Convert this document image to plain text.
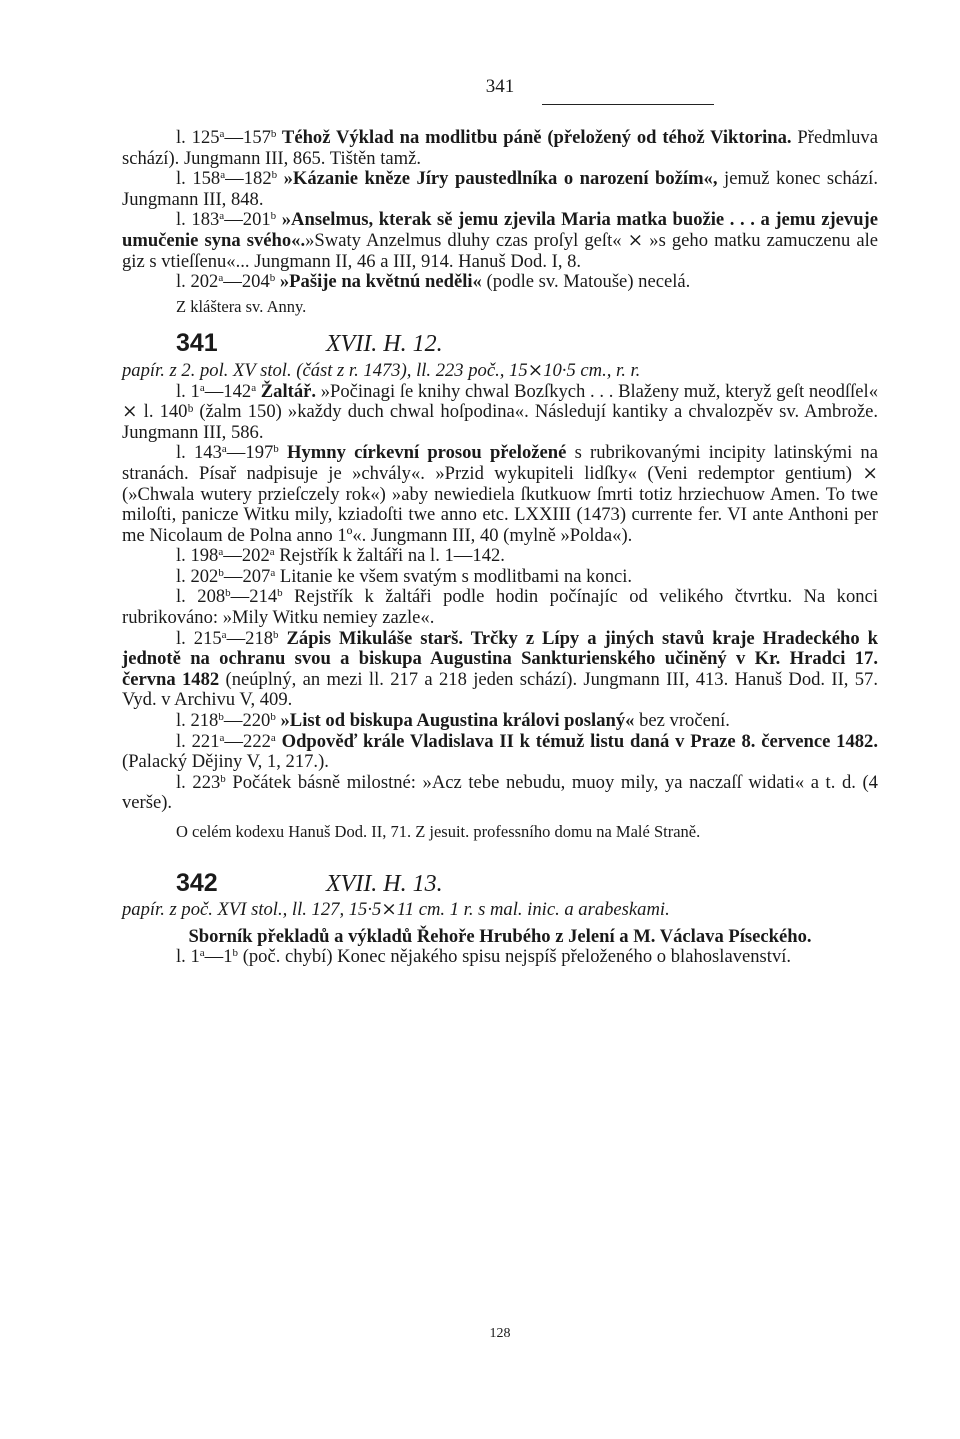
341

l. 125$^a$—157$^b$ Téhož Výklad na modlitbu páně (přeložený od téhož Viktorina. Předmluva schází). Jungmann III, 865. Tištěn tamž.

l. 158$^a$—182$^b$ »Kázanie kněze Jíry paustedlníka o narození božím«, jemuž konec schází. Jungmann III, 848.

l. 183$^a$—201$^b$ »Anselmus, kterak sě jemu zjevila Maria matka buožie . . . a jemu zjevuje umučenie syna svého«.»Swaty Anzelmus dluhy czas proſyl geſt« ⨯ »s geho matku zamuczenu ale giz s vtieſſenu«... Jungmann II, 46 a III, 914. Hanuš Dod. I, 8.

l. 202$^a$—204$^b$ »Pašije na květnú neděli« (podle sv. Matouše) necelá.

Z kláštera sv. Anny.

341	XVII. H. 12.

papír. z 2. pol. XV stol. (část z r. 1473), ll. 223 poč., 15⨯10·5 cm., r. r.

l. 1$^a$—142$^a$ Žaltář. »Počinagi ſe knihy chwal Bozſkych . . . Blaženy muž, kteryž geſt neodſſel« ⨯ l. 140ᵇ (žalm 150) »každy duch chwal hoſpodina«. Následují kantiky a chvalozpěv sv. Ambrože. Jungmann III, 586.

l. 143$^a$—197$^b$ Hymny církevní prosou přeložené s rubrikovanými incipity latinskými na stranách. Písař nadpisuje je »chvály«. »Przid wykupiteli lidſky« (Veni redemptor gentium) ⨯ (»Chwala wutery przieſczely rok«) »aby newiediela ſkutkuow ſmrti totiz hrziechuow Amen. To twe miloſti, panicze Witku mily, kziadoſti twe anno etc. LXXIII (1473) currente fer. VI ante Anthoni per me Nicolaum de Polna anno 1º«. Jungmann III, 40 (mylně »Polda«).

l. 198$^a$—202$^a$ Rejstřík k žaltáři na l. 1—142.

l. 202$^b$—207$^a$ Litanie ke všem svatým s modlitbami na konci.

l. 208$^b$—214$^b$ Rejstřík k žaltáři podle hodin počínajíc od velikého čtvrtku. Na konci rubrikováno: »Mily Witku nemiey zazle«.

l. 215$^a$—218$^b$ Zápis Mikuláše starš. Trčky z Lípy a jiných stavů kraje Hradeckého k jednotě na ochranu svou a biskupa Augustina Sankturienského učiněný v Kr. Hradci 17. června 1482 (neúplný, an mezi ll. 217 a 218 jeden schází). Jungmann III, 413. Hanuš Dod. II, 57. Vyd. v Archivu V, 409.

l. 218$^b$—220$^b$ »List od biskupa Augustina královi poslaný« bez vročení.

l. 221$^a$—222$^a$ Odpověď krále Vladislava II k témuž listu daná v Praze 8. července 1482. (Palacký Dějiny V, 1, 217.).

l. 223$^b$ Počátek básně milostné: »Acz tebe nebudu, muoy mily, ya naczaſſ widati« a t. d. (4 verše).

O celém kodexu Hanuš Dod. II, 71. Z jesuit. professního domu na Malé Straně.

342	XVII. H. 13.

papír. z poč. XVI stol., ll. 127, 15·5⨯11 cm. 1 r. s mal. inic. a arabeskami.

Sborník překladů a výkladů Řehoře Hrubého z Jelení a M. Václava Píseckého.

l. 1$^a$—1$^b$ (poč. chybí) Konec nějakého spisu nejspíš přeloženého o blahoslavenství.

128
